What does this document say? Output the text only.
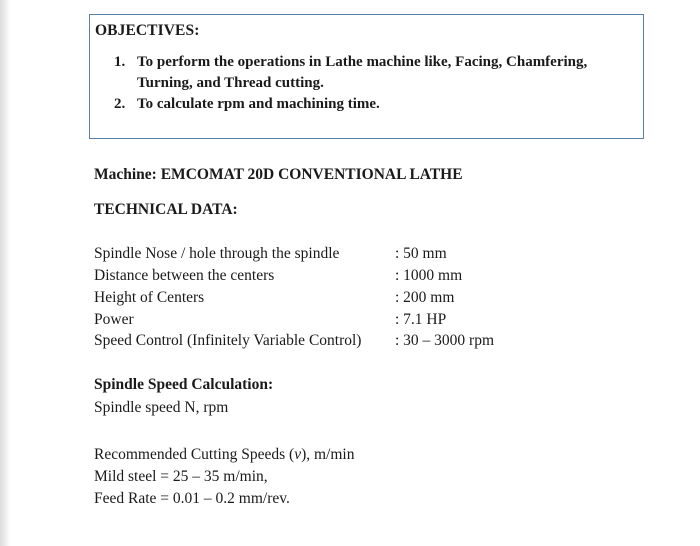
OBJECTIVES:
1. To perform the operations in Lathe machine like, Facing, Chamfering, Turning, and Thread cutting.
2. To calculate rpm and machining time.
Machine: EMCOMAT 20D CONVENTIONAL LATHE
TECHNICAL DATA:
Spindle Nose / hole through the spindle	: 50 mm
Distance between the centers	: 1000 mm
Height of Centers	: 200 mm
Power	: 7.1 HP
Speed Control (Infinitely Variable Control) : 30 – 3000 rpm
Spindle Speed Calculation:
Spindle speed N, rpm
Recommended Cutting Speeds (v), m/min
Mild steel = 25 – 35 m/min,
Feed Rate = 0.01 – 0.2 mm/rev.
